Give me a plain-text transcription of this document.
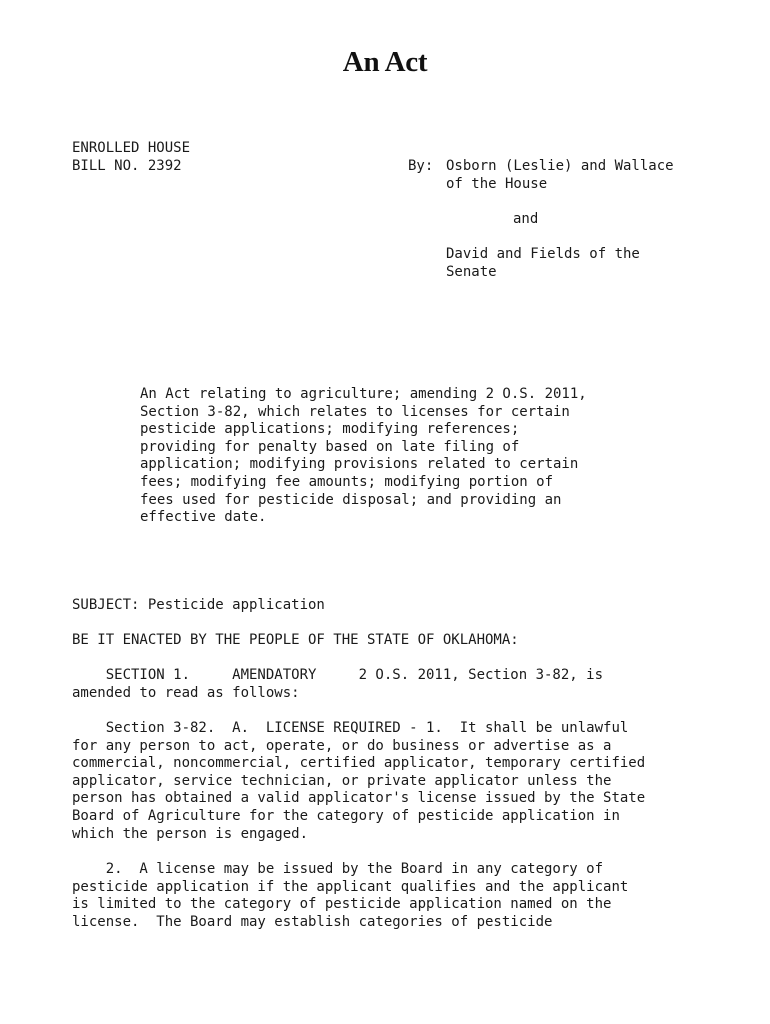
An Act
ENROLLED HOUSE
BILL NO. 2392	By: Osborn (Leslie) and Wallace
of the House
and
David and Fields of the
Senate
An Act relating to agriculture; amending 2 O.S. 2011,
Section 3-82, which relates to licenses for certain
pesticide applications; modifying references;
providing for penalty based on late filing of
application; modifying provisions related to certain
fees; modifying fee amounts; modifying portion of
fees used for pesticide disposal; and providing an
effective date.
SUBJECT: Pesticide application
BE IT ENACTED BY THE PEOPLE OF THE STATE OF OKLAHOMA:
SECTION 1.     AMENDATORY     2 O.S. 2011, Section 3-82, is
amended to read as follows:
Section 3-82.  A.  LICENSE REQUIRED - 1.  It shall be unlawful
for any person to act, operate, or do business or advertise as a
commercial, noncommercial, certified applicator, temporary certified
applicator, service technician, or private applicator unless the
person has obtained a valid applicator's license issued by the State
Board of Agriculture for the category of pesticide application in
which the person is engaged.
2.  A license may be issued by the Board in any category of
pesticide application if the applicant qualifies and the applicant
is limited to the category of pesticide application named on the
license.  The Board may establish categories of pesticide
